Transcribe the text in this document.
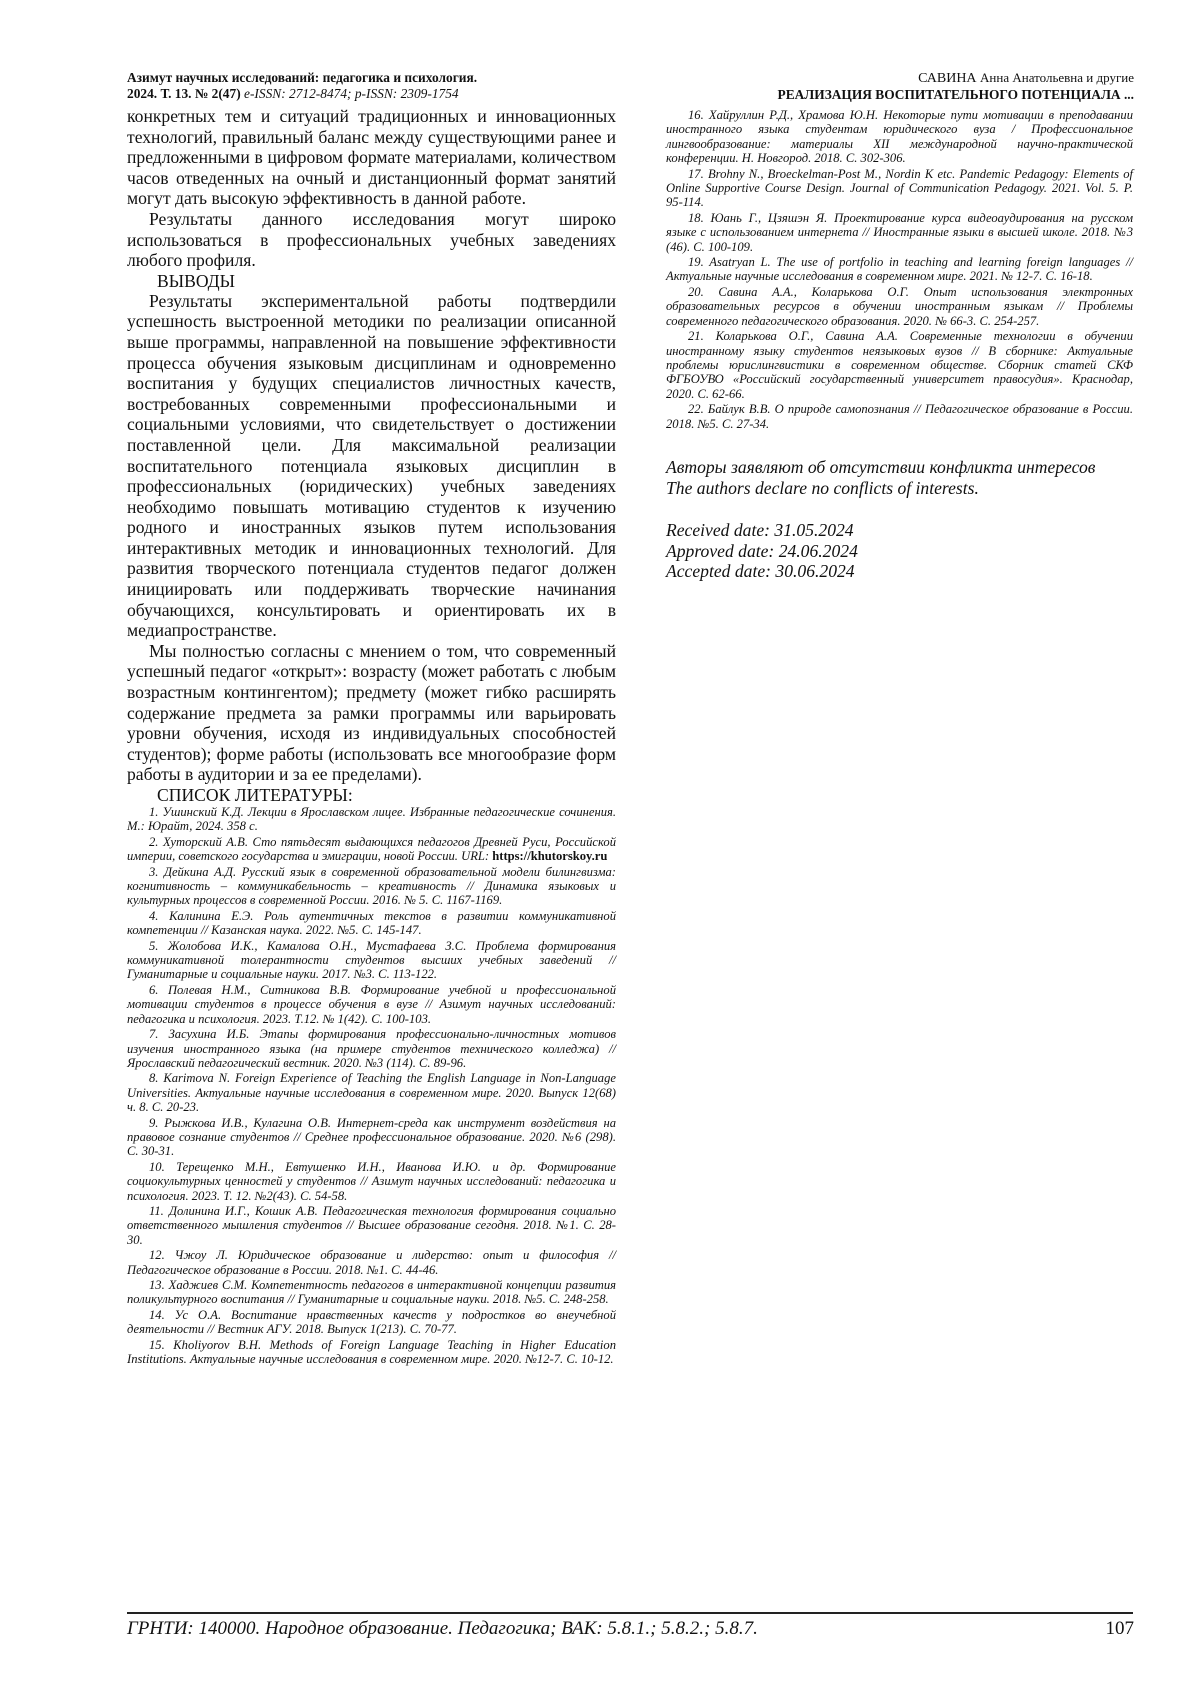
Азимут научных исследований: педагогика и психология.
2024. Т. 13. № 2(47) e-ISSN: 2712-8474; p-ISSN: 2309-1754
САВИНА Анна Анатольевна и другие
РЕАЛИЗАЦИЯ ВОСПИТАТЕЛЬНОГО ПОТЕНЦИАЛА ...

конкретных тем и ситуаций традиционных и инновационных технологий, правильный баланс между существующими ранее и предложенными в цифровом формате материалами, количеством часов отведенных на очный и дистанционный формат занятий могут дать высокую эффективность в данной работе.

Результаты данного исследования могут широко использоваться в профессиональных учебных заведениях любого профиля.

ВЫВОДЫ

Результаты экспериментальной работы подтвердили успешность выстроенной методики по реализации описанной выше программы, направленной на повышение эффективности процесса обучения языковым дисциплинам и одновременно воспитания у будущих специалистов личностных качеств, востребованных современными профессиональными и социальными условиями, что свидетельствует о достижении поставленной цели. Для максимальной реализации воспитательного потенциала языковых дисциплин в профессиональных (юридических) учебных заведениях необходимо повышать мотивацию студентов к изучению родного и иностранных языков путем использования интерактивных методик и инновационных технологий. Для развития творческого потенциала студентов педагог должен инициировать или поддерживать творческие начинания обучающихся, консультировать и ориентировать их в медиапространстве.

Мы полностью согласны с мнением о том, что современный успешный педагог «открыт»: возрасту (может работать с любым возрастным контингентом); предмету (может гибко расширять содержание предмета за рамки программы или варьировать уровни обучения, исходя из индивидуальных способностей студентов); форме работы (использовать все многообразие форм работы в аудитории и за ее пределами).

СПИСОК ЛИТЕРАТУРЫ:

1. Ушинский К.Д. Лекции в Ярославском лицее. Избранные педагогические сочинения. М.: Юрайт, 2024. 358 с.

2. Хуторский А.В. Сто пятьдесят выдающихся педагогов Древней Руси, Российской империи, советского государства и эмиграции, новой России. URL: https://khutorskoy.ru

3. Дейкина А.Д. Русский язык в современной образовательной модели билингвизма: когнитивность – коммуникабельность – креативность // Динамика языковых и культурных процессов в современной России. 2016. № 5. С. 1167-1169.

4. Калинина Е.Э. Роль аутентичных текстов в развитии коммуникативной компетенции // Казанская наука. 2022. №5. С. 145-147.

5. Жолобова И.К., Камалова О.Н., Мустафаева З.С. Проблема формирования коммуникативной толерантности студентов высших учебных заведений // Гуманитарные и социальные науки. 2017. №3. С. 113-122.

6. Полевая Н.М., Ситникова В.В. Формирование учебной и профессиональной мотивации студентов в процессе обучения в вузе // Азимут научных исследований: педагогика и психология. 2023. Т.12. № 1(42). С. 100-103.

7. Засухина И.Б. Этапы формирования профессионально-личностных мотивов изучения иностранного языка (на примере студентов технического колледжа) // Ярославский педагогический вестник. 2020. №3 (114). С. 89-96.

8. Karimova N. Foreign Experience of Teaching the English Language in Non-Language Universities. Актуальные научные исследования в современном мире. 2020. Выпуск 12(68) ч. 8. С. 20-23.

9. Рыжкова И.В., Кулагина О.В. Интернет-среда как инструмент воздействия на правовое сознание студентов // Среднее профессиональное образование. 2020. №6 (298). С. 30-31.

10. Терещенко М.Н., Евтушенко И.Н., Иванова И.Ю. и др. Формирование социокультурных ценностей у студентов // Азимут научных исследований: педагогика и психология. 2023. Т. 12. №2(43). С. 54-58.

11. Долинина И.Г., Кошик А.В. Педагогическая технология формирования социально ответственного мышления студентов // Высшее образование сегодня. 2018. №1. С. 28-30.

12. Чжоу Л. Юридическое образование и лидерство: опыт и философия // Педагогическое образование в России. 2018. №1. С. 44-46.

13. Хаджиев С.М. Компетентность педагогов в интерактивной концепции развития поликультурного воспитания // Гуманитарные и социальные науки. 2018. №5. С. 248-258.

14. Ус О.А. Воспитание нравственных качеств у подростков во внеучебной деятельности // Вестник АГУ. 2018. Выпуск 1(213). С. 70-77.

15. Kholiyorov B.H. Methods of Foreign Language Teaching in Higher Education Institutions. Актуальные научные исследования в современном мире. 2020. №12-7. С. 10-12.

16. Хайруллин Р.Д., Храмова Ю.Н. Некоторые пути мотивации в преподавании иностранного языка студентам юридического вуза / Профессиональное лингвообразование: материалы XII международной научно-практической конференции. Н. Новгород. 2018. С. 302-306.

17. Brohny N., Broeckelman-Post M., Nordin K etc. Pandemic Pedagogy: Elements of Online Supportive Course Design. Journal of Communication Pedagogy. 2021. Vol. 5. P. 95-114.

18. Юань Г., Цзяшэн Я. Проектирование курса видеоаудирования на русском языке с использованием интернета // Иностранные языки в высшей школе. 2018. №3 (46). С. 100-109.

19. Asatryan L. The use of portfolio in teaching and learning foreign languages // Актуальные научные исследования в современном мире. 2021. № 12-7. С. 16-18.

20. Савина А.А., Коларькова О.Г. Опыт использования электронных образовательных ресурсов в обучении иностранным языкам // Проблемы современного педагогического образования. 2020. № 66-3. С. 254-257.

21. Коларькова О.Г., Савина А.А. Современные технологии в обучении иностранному языку студентов неязыковых вузов // В сборнике: Актуальные проблемы юрислингвистики в современном обществе. Сборник статей СКФ ФГБОУВО «Российский государственный университет правосудия». Краснодар, 2020. С. 62-66.

22. Байлук В.В. О природе самопознания // Педагогическое образование в России. 2018. №5. С. 27-34.

Авторы заявляют об отсутствии конфликта интересов

The authors declare no conflicts of interests.

Received date: 31.05.2024

Approved date: 24.06.2024

Accepted date: 30.06.2024

ГРНТИ: 140000. Народное образование. Педагогика; ВАК: 5.8.1.; 5.8.2.; 5.8.7.	107
